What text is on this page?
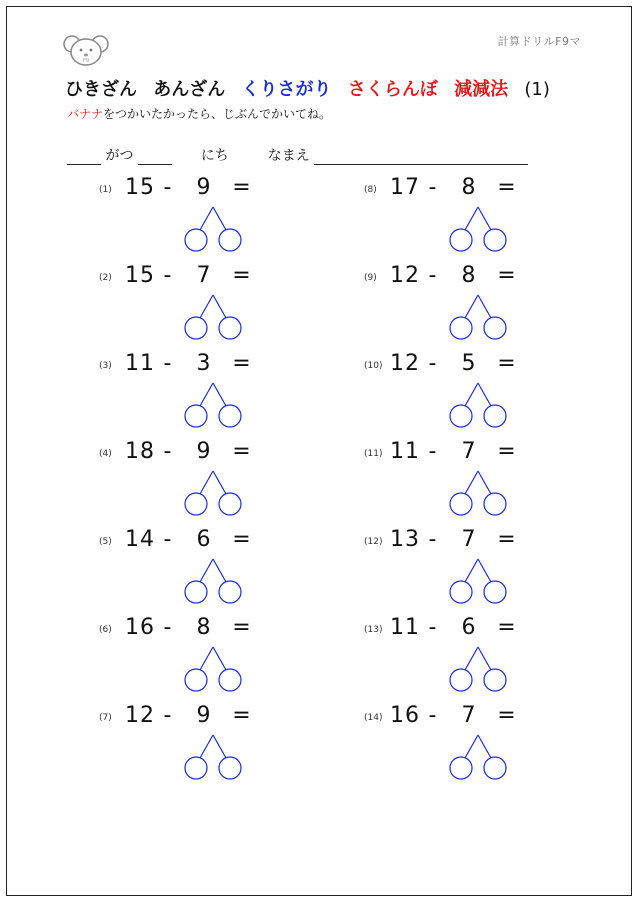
F9
計算ドリルF9マ
ひきざん あんざん くりさがり さくらんぼ 減減法 (1)
バナナをつかいたかったら、じぶんでかいてね。
がつ	にち	なまえ
(1) 15 - 9 =
(2) 15 - 7 =
(3) 11 - 3 =
(4) 18 - 9 =
(5) 14 - 6 =
(6) 16 - 8 =
(7) 12 - 9 =
(8) 17 - 8 =
(9) 12 - 8 =
(10) 12 - 5 =
(11) 11 - 7 =
(12) 13 - 7 =
(13) 11 - 6 =
(14) 16 - 7 =
